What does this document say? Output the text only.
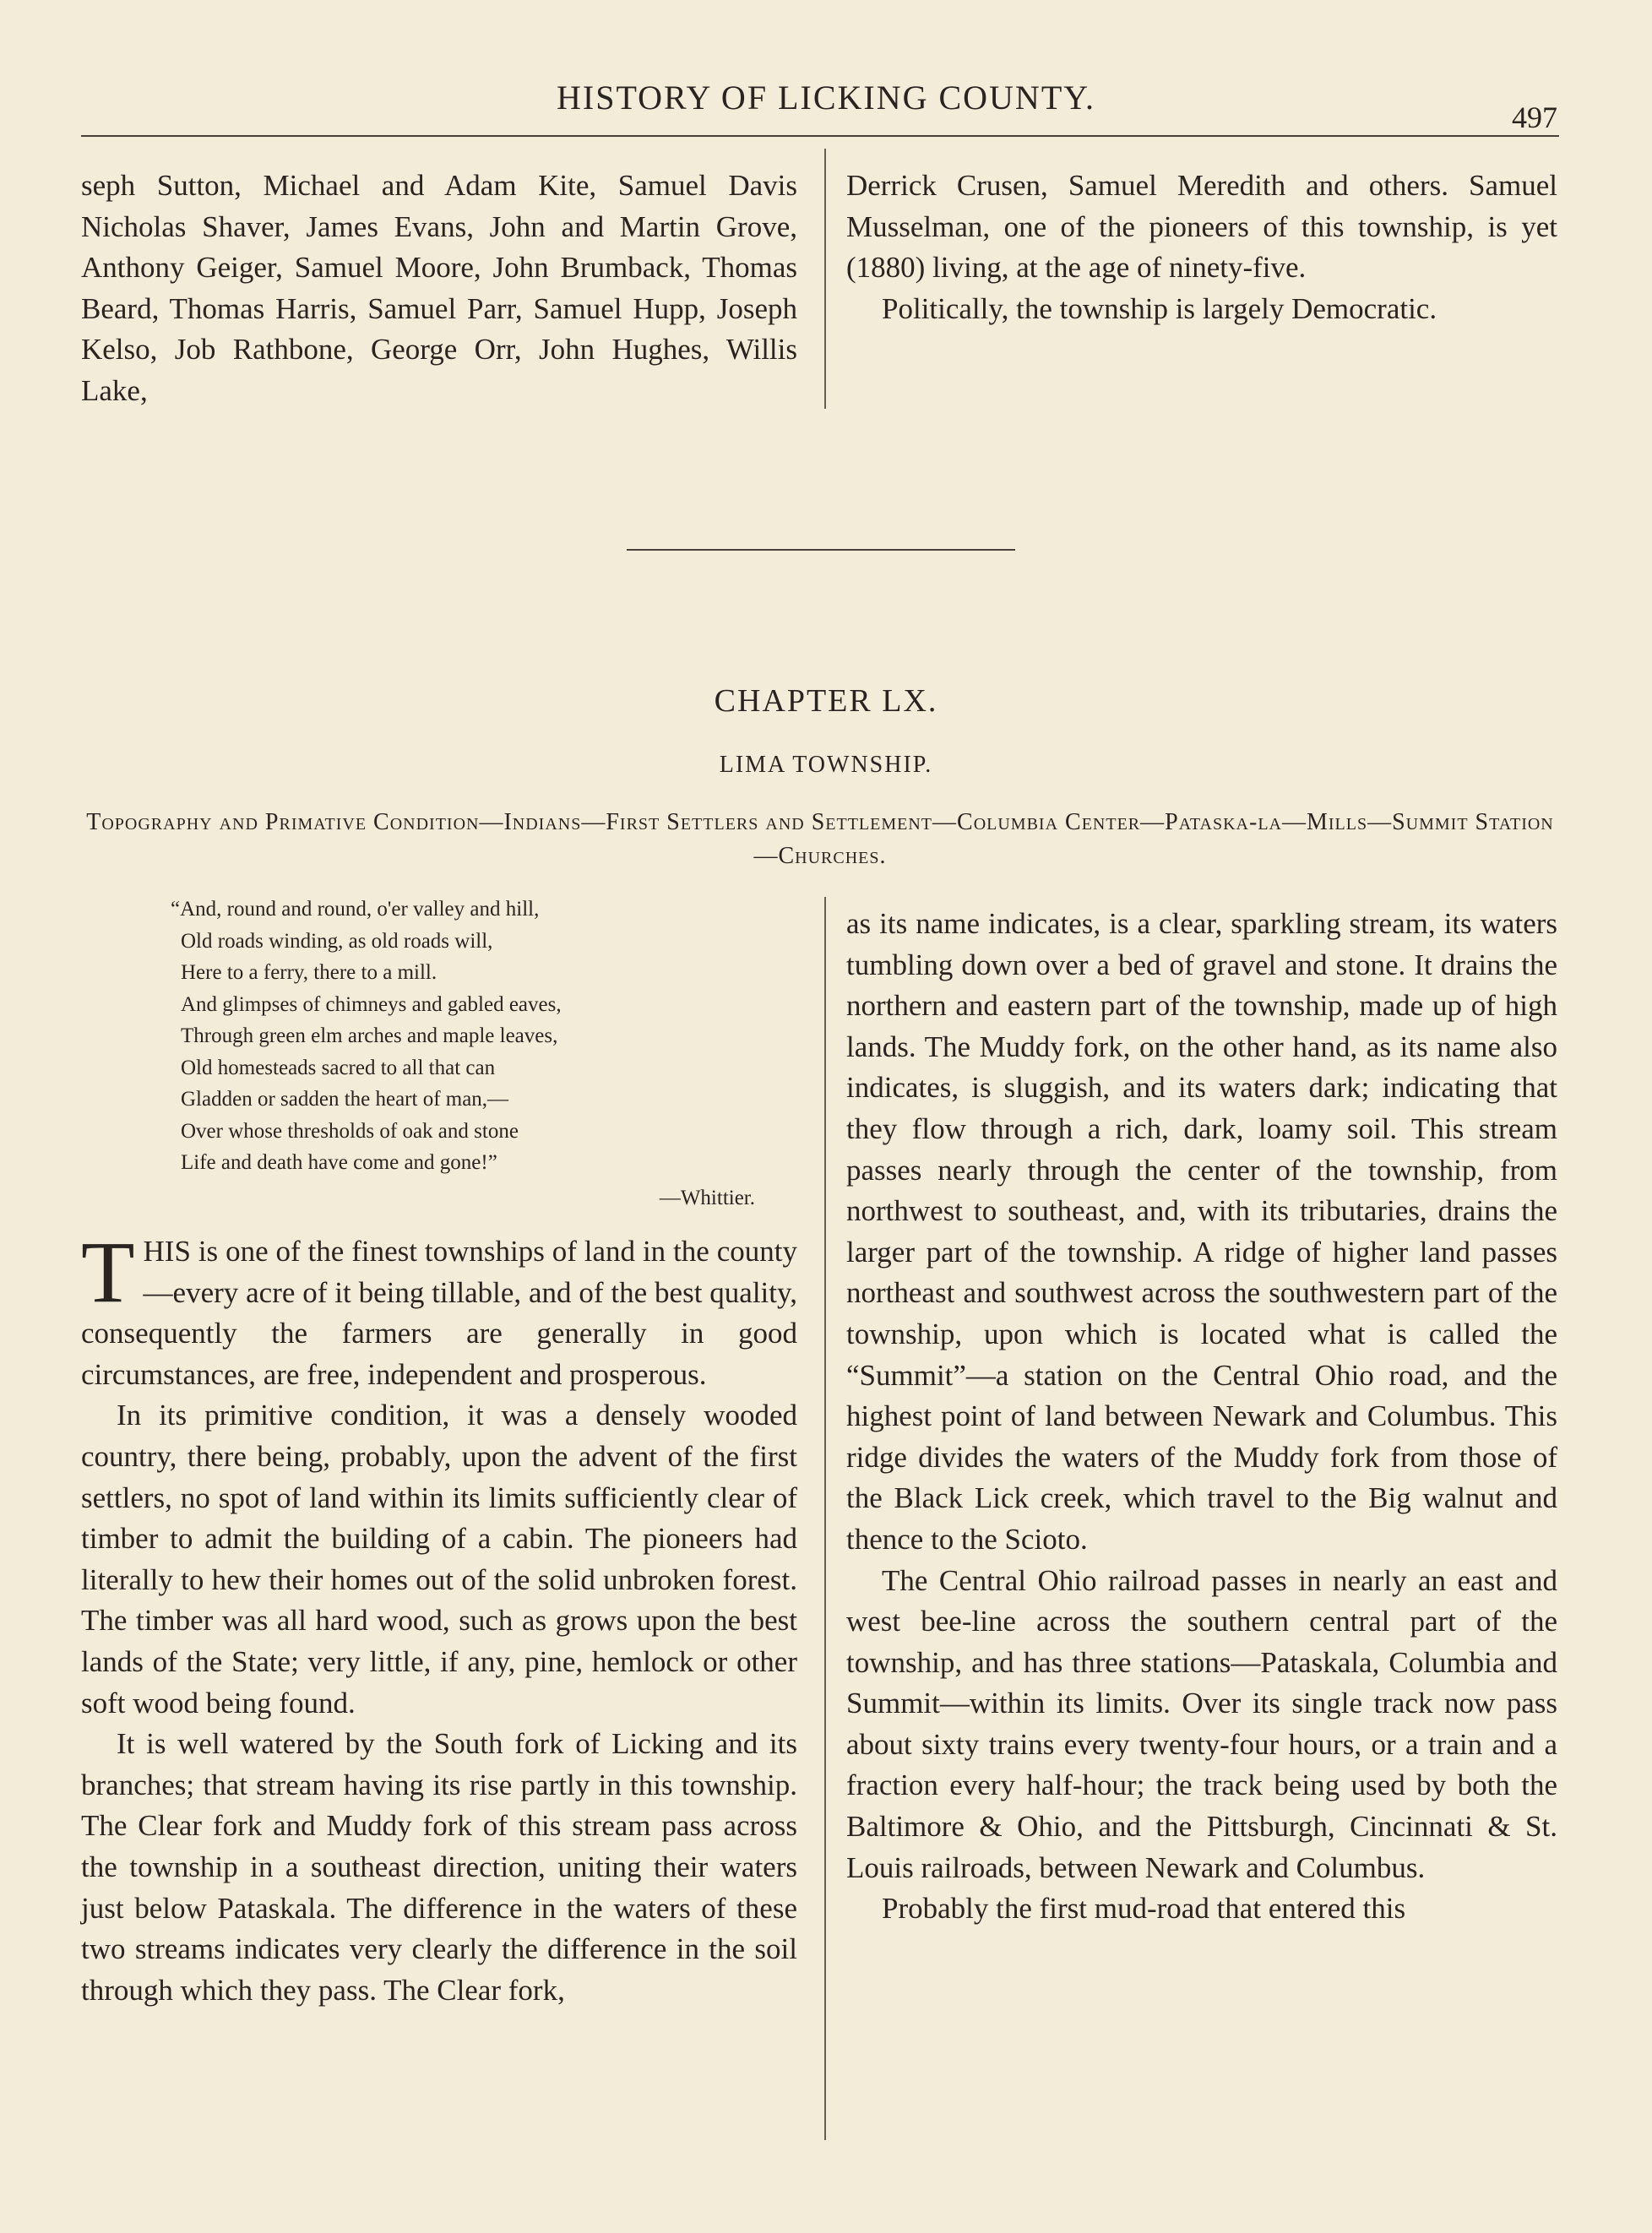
HISTORY OF LICKING COUNTY.
497

seph Sutton, Michael and Adam Kite, Samuel Davis Nicholas Shaver, James Evans, John and Martin Grove, Anthony Geiger, Samuel Moore, John Brumback, Thomas Beard, Thomas Harris, Samuel Parr, Samuel Hupp, Joseph Kelso, Job Rathbone, George Orr, John Hughes, Willis Lake,

Derrick Crusen, Samuel Meredith and others. Samuel Musselman, one of the pioneers of this township, is yet (1880) living, at the age of ninety-five.

Politically, the township is largely Democratic.

CHAPTER LX.
LIMA TOWNSHIP.
Topography and Primative Condition—Indians—First Settlers and Settlement—Columbia Center—Pataska-la—Mills—Summit Station—Churches.
“And, round and round, o'er valley and hill,
Old roads winding, as old roads will,
Here to a ferry, there to a mill.
And glimpses of chimneys and gabled eaves,
Through green elm arches and maple leaves,
Old homesteads sacred to all that can
Gladden or sadden the heart of man,—
Over whose thresholds of oak and stone
Life and death have come and gone!”
—Whittier.

THIS is one of the finest townships of land in the county—every acre of it being tillable, and of the best quality, consequently the farmers are generally in good circumstances, are free, independent and prosperous.

In its primitive condition, it was a densely wooded country, there being, probably, upon the advent of the first settlers, no spot of land within its limits sufficiently clear of timber to admit the building of a cabin. The pioneers had literally to hew their homes out of the solid unbroken forest. The timber was all hard wood, such as grows upon the best lands of the State; very little, if any, pine, hemlock or other soft wood being found.

It is well watered by the South fork of Licking and its branches; that stream having its rise partly in this township. The Clear fork and Muddy fork of this stream pass across the township in a southeast direction, uniting their waters just below Pataskala. The difference in the waters of these two streams indicates very clearly the difference in the soil through which they pass. The Clear fork,

as its name indicates, is a clear, sparkling stream, its waters tumbling down over a bed of gravel and stone. It drains the northern and eastern part of the township, made up of high lands. The Muddy fork, on the other hand, as its name also indicates, is sluggish, and its waters dark; indicating that they flow through a rich, dark, loamy soil. This stream passes nearly through the center of the township, from northwest to southeast, and, with its tributaries, drains the larger part of the township. A ridge of higher land passes northeast and southwest across the southwestern part of the township, upon which is located what is called the “Summit”—a station on the Central Ohio road, and the highest point of land between Newark and Columbus. This ridge divides the waters of the Muddy fork from those of the Black Lick creek, which travel to the Big walnut and thence to the Scioto.

The Central Ohio railroad passes in nearly an east and west bee-line across the southern central part of the township, and has three stations—Pataskala, Columbia and Summit—within its limits. Over its single track now pass about sixty trains every twenty-four hours, or a train and a fraction every half-hour; the track being used by both the Baltimore & Ohio, and the Pittsburgh, Cincinnati & St. Louis railroads, between Newark and Columbus.

Probably the first mud-road that entered this
